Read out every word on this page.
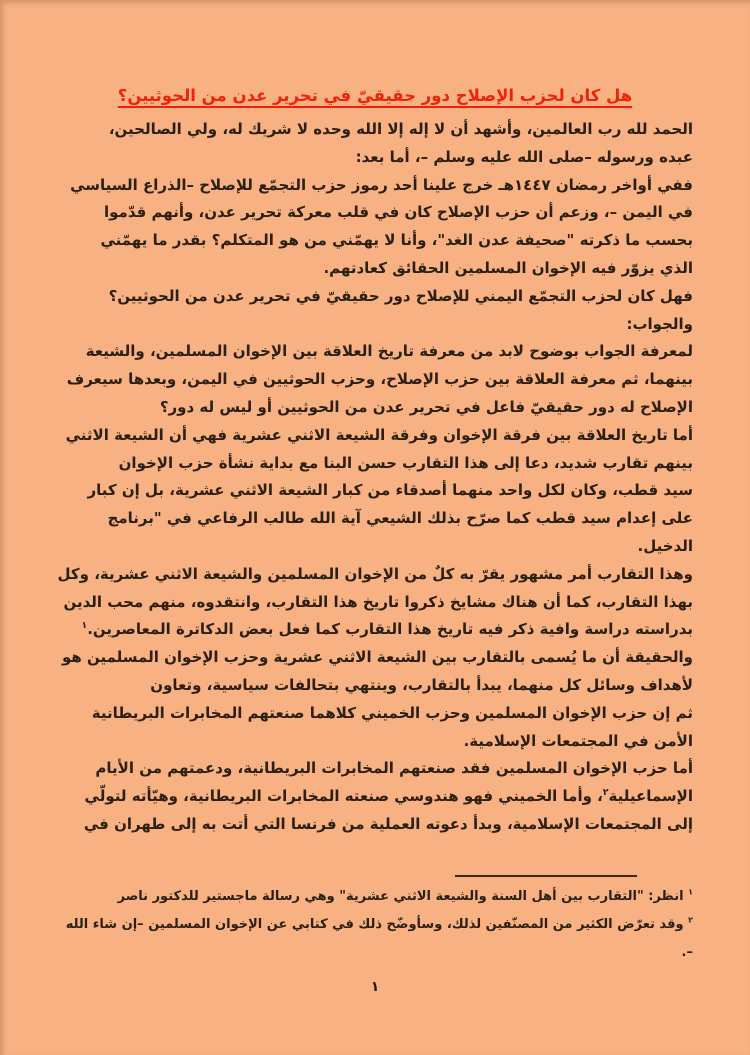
هل كان لحزب الإصلاح دور حقيقيّ في تحرير عدن من الحوثيين؟
الحمد لله رب العالمين، وأشهد أن لا إله إلا الله وحده لا شريك له، ولي الصالحين،
عبده ورسوله –صلى الله عليه وسلم –، أما بعد:
ففي أواخر رمضان ١٤٤٧هـ خرج علينا أحد رموز حزب التجمّع للإصلاح –الذراع السياسي
في اليمن –، وزعم أن حزب الإصلاح كان في قلب معركة تحرير عدن، وأنهم قدّموا
بحسب ما ذكرته "صحيفة عدن الغد"، وأنا لا يهمّني من هو المتكلم؟ بقدر ما يهمّني
الذي يزوّر فيه الإخوان المسلمين الحقائق كعادتهم.
فهل كان لحزب التجمّع اليمني للإصلاح دور حقيقيّ في تحرير عدن من الحوثيين؟
والجواب:
لمعرفة الجواب بوضوح لابد من معرفة تاريخ العلاقة بين الإخوان المسلمين، والشيعة
بينهما، ثم معرفة العلاقة بين حزب الإصلاح، وحزب الحوثيين في اليمن، وبعدها سيعرف
الإصلاح له دور حقيقيّ فاعل في تحرير عدن من الحوثيين أو ليس له دور؟
أما تاريخ العلاقة بين فرقة الإخوان وفرقة الشيعة الاثني عشرية فهي أن الشيعة الاثني
بينهم تقارب شديد، دعا إلى هذا التقارب حسن البنا مع بداية نشأة حزب الإخوان
سيد قطب، وكان لكل واحد منهما أصدقاء من كبار الشيعة الاثني عشرية، بل إن كبار
على إعدام سيد قطب كما صرّح بذلك الشيعي آية الله طالب الرفاعي في "برنامج
الدخيل.
وهذا التقارب أمر مشهور يقرّ به كلٌ من الإخوان المسلمين والشيعة الاثني عشرية، وكل
بهذا التقارب، كما أن هناك مشايخ ذكروا تاريخ هذا التقارب، وانتقدوه، منهم محب الدين
بدراسته دراسة وافية ذكر فيه تاريخ هذا التقارب كما فعل بعض الدكاترة المعاصرين.$^١$
والحقيقة أن ما يُسمى بالتقارب بين الشيعة الاثني عشرية وحزب الإخوان المسلمين هو
لأهداف وسائل كل منهما، يبدأ بالتقارب، وينتهي بتحالفات سياسية، وتعاون
ثم إن حزب الإخوان المسلمين وحزب الخميني كلاهما صنعتهم المخابرات البريطانية
الأمن في المجتمعات الإسلامية.
أما حزب الإخوان المسلمين فقد صنعتهم المخابرات البريطانية، ودعمتهم من الأيام
الإسماعيلية$^٢$، وأما الخميني فهو هندوسي صنعته المخابرات البريطانية، وهيّأته لتولّي
إلى المجتمعات الإسلامية، وبدأ دعوته العملية من فرنسا التي أتت به إلى طهران في
$^١$ انظر: "التقارب بين أهل السنة والشيعة الاثني عشرية" وهي رسالة ماجستير للدكتور ناصر
$^٢$ وقد تعرّض الكثير من المصنّفين لذلك، وسأوضّح ذلك في كتابي عن الإخوان المسلمين –إن شاء الله
–.
١
